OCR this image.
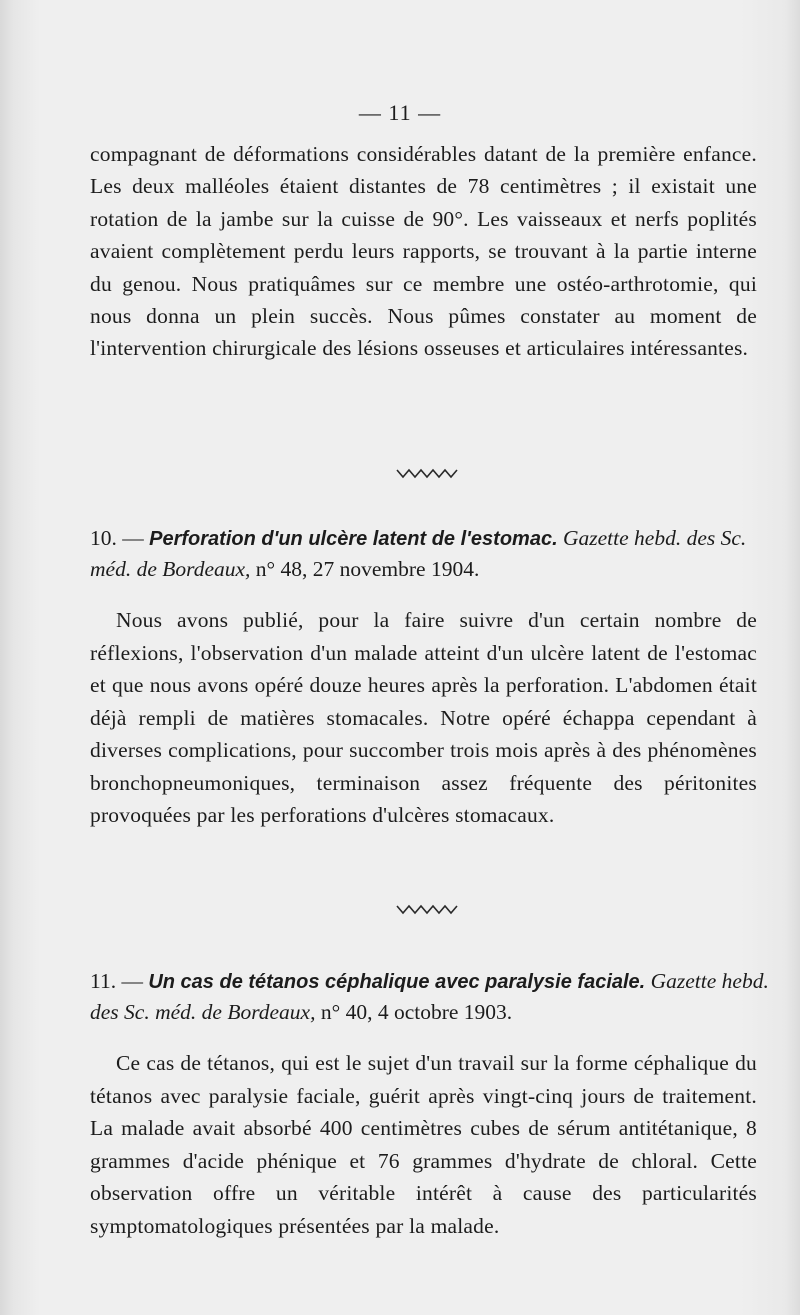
— 11 —

compagnant de déformations considérables datant de la première enfance. Les deux malléoles étaient distantes de 78 centimètres ; il existait une rotation de la jambe sur la cuisse de 90°. Les vaisseaux et nerfs poplités avaient complètement perdu leurs rapports, se trouvant à la partie interne du genou. Nous pratiquâmes sur ce membre une ostéo-arthrotomie, qui nous donna un plein succès. Nous pûmes constater au moment de l'intervention chirurgicale des lésions osseuses et articulaires intéressantes.

10. — Perforation d'un ulcère latent de l'estomac. Gazette hebd. des Sc. méd. de Bordeaux, n° 48, 27 novembre 1904.

Nous avons publié, pour la faire suivre d'un certain nombre de réflexions, l'observation d'un malade atteint d'un ulcère latent de l'estomac et que nous avons opéré douze heures après la perforation. L'abdomen était déjà rempli de matières stomacales. Notre opéré échappa cependant à diverses complications, pour succomber trois mois après à des phénomènes bronchopneumoniques, terminaison assez fréquente des péritonites provoquées par les perforations d'ulcères stomacaux.

11. — Un cas de tétanos céphalique avec paralysie faciale. Gazette hebd. des Sc. méd. de Bordeaux, n° 40, 4 octobre 1903.

Ce cas de tétanos, qui est le sujet d'un travail sur la forme céphalique du tétanos avec paralysie faciale, guérit après vingt-cinq jours de traitement. La malade avait absorbé 400 centimètres cubes de sérum antitétanique, 8 grammes d'acide phénique et 76 grammes d'hydrate de chloral. Cette observation offre un véritable intérêt à cause des particularités symptomatologiques présentées par la malade.
